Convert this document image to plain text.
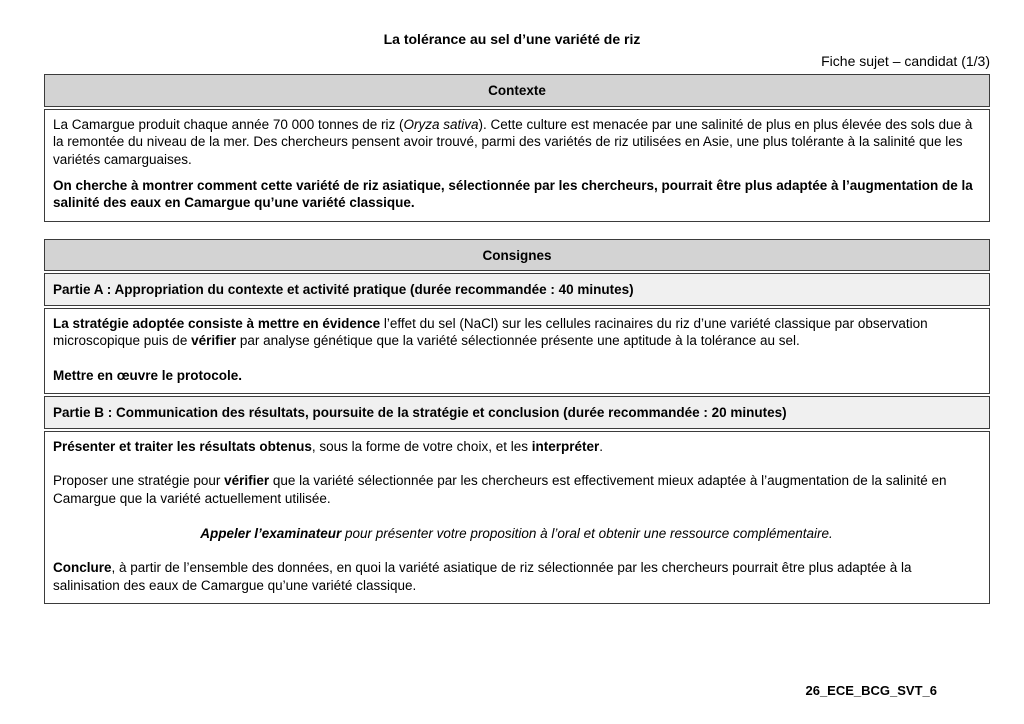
La tolérance au sel d’une variété de riz
Fiche sujet – candidat (1/3)
Contexte

La Camargue produit chaque année 70 000 tonnes de riz (Oryza sativa). Cette culture est menacée par une salinité de plus en plus élevée des sols due à la remontée du niveau de la mer. Des chercheurs pensent avoir trouvé, parmi des variétés de riz utilisées en Asie, une plus tolérante à la salinité que les variétés camarguaises.

On cherche à montrer comment cette variété de riz asiatique, sélectionnée par les chercheurs, pourrait être plus adaptée à l’augmentation de la salinité des eaux en Camargue qu’une variété classique.

Consignes
Partie A : Appropriation du contexte et activité pratique (durée recommandée : 40 minutes)

La stratégie adoptée consiste à mettre en évidence l’effet du sel (NaCl) sur les cellules racinaires du riz d’une variété classique par observation microscopique puis de vérifier par analyse génétique que la variété sélectionnée présente une aptitude à la tolérance au sel.

Mettre en œuvre le protocole.

Partie B : Communication des résultats, poursuite de la stratégie et conclusion (durée recommandée : 20 minutes)

Présenter et traiter les résultats obtenus, sous la forme de votre choix, et les interpréter.

Proposer une stratégie pour vérifier que la variété sélectionnée par les chercheurs est effectivement mieux adaptée à l’augmentation de la salinité en Camargue que la variété actuellement utilisée.

Appeler l’examinateur pour présenter votre proposition à l’oral et obtenir une ressource complémentaire.

Conclure, à partir de l’ensemble des données, en quoi la variété asiatique de riz sélectionnée par les chercheurs pourrait être plus adaptée à la salinisation des eaux de Camargue qu’une variété classique.

26_ECE_BCG_SVT_6
